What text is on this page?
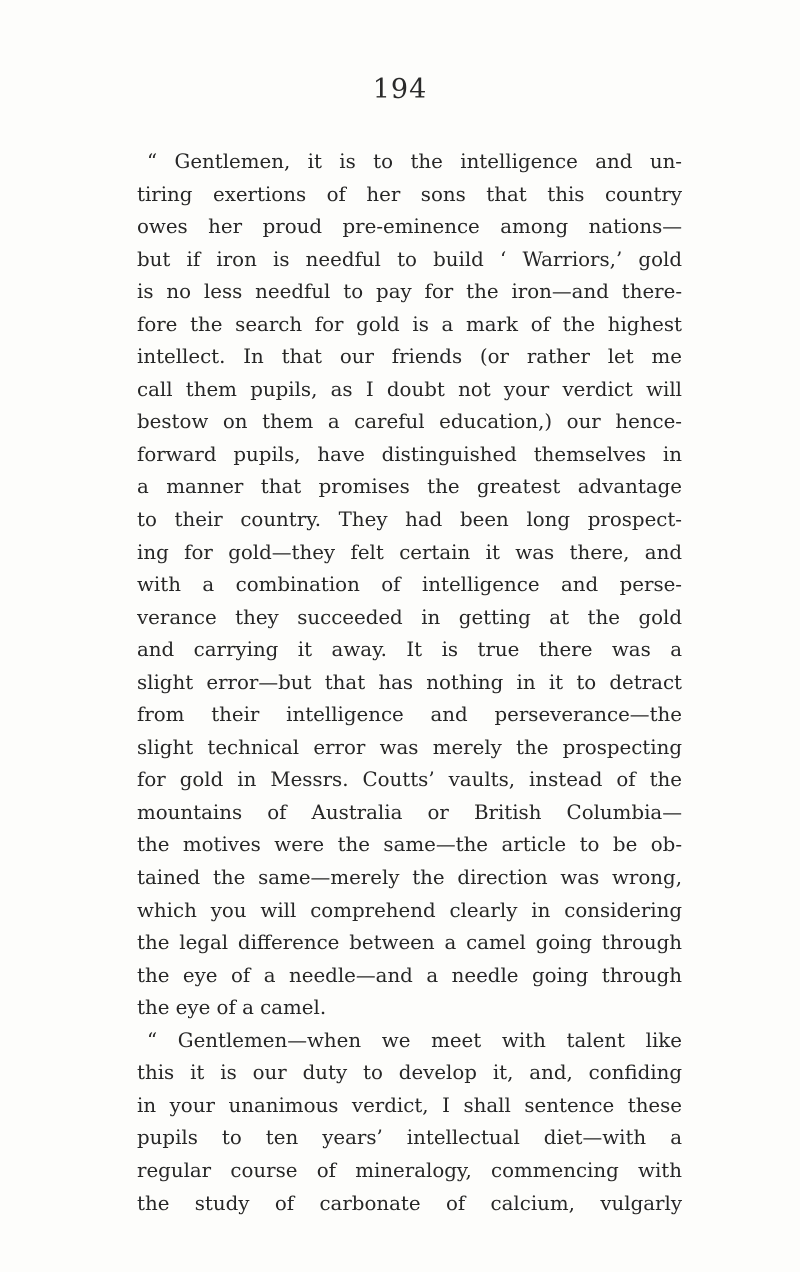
194
“ Gentlemen, it is to the intelligence and un-
tiring exertions of her sons that this country
owes her proud pre-eminence among nations—
but if iron is needful to build ‘ Warriors,’ gold
is no less needful to pay for the iron—and there-
fore the search for gold is a mark of the highest
intellect. In that our friends (or rather let me
call them pupils, as I doubt not your verdict will
bestow on them a careful education,) our hence-
forward pupils, have distinguished themselves in
a manner that promises the greatest advantage
to their country. They had been long prospect-
ing for gold—they felt certain it was there, and
with a combination of intelligence and perse-
verance they succeeded in getting at the gold
and carrying it away. It is true there was a
slight error—but that has nothing in it to detract
from their intelligence and perseverance—the
slight technical error was merely the prospecting
for gold in Messrs. Coutts’ vaults, instead of the
mountains of Australia or British Columbia—
the motives were the same—the article to be ob-
tained the same—merely the direction was wrong,
which you will comprehend clearly in considering
the legal difference between a camel going through
the eye of a needle—and a needle going through
the eye of a camel.
“ Gentlemen—when we meet with talent like
this it is our duty to develop it, and, confiding
in your unanimous verdict, I shall sentence these
pupils to ten years’ intellectual diet—with a
regular course of mineralogy, commencing with
the study of carbonate of calcium, vulgarly
